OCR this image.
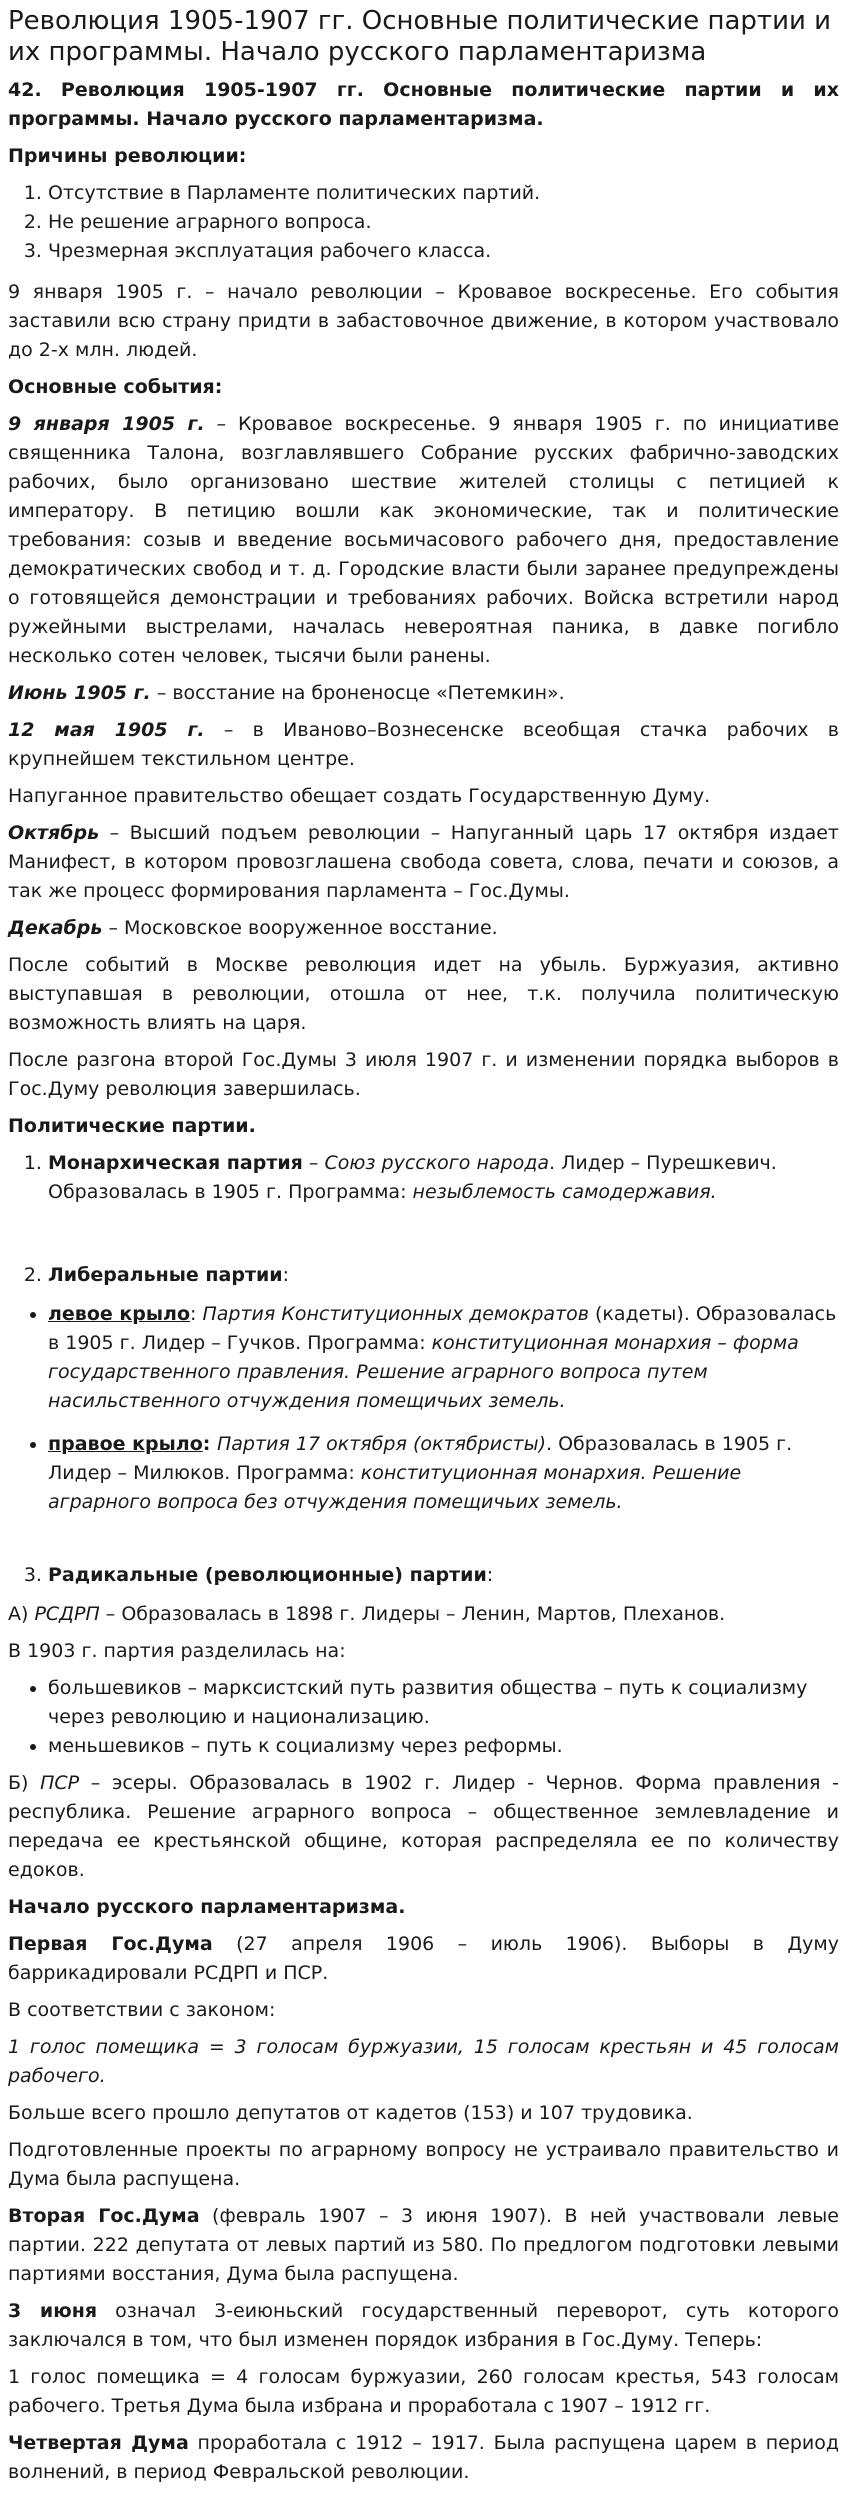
Революция 1905-1907 гг. Основные политические партии и их программы. Начало русского парламентаризма

42. Революция 1905-1907 гг. Основные политические партии и их программы. Начало русского парламентаризма.

Причины революции:

1. Отсутствие в Парламенте политических партий.
2. Не решение аграрного вопроса.
3. Чрезмерная эксплуатация рабочего класса.

9 января 1905 г. – начало революции – Кровавое воскресенье. Его события заставили всю страну придти в забастовочное движение, в котором участвовало до 2-х млн. людей.

Основные события:

9 января 1905 г. – Кровавое воскресенье. 9 января 1905 г. по инициативе священника Талона, возглавлявшего Собрание русских фабрично-заводских рабочих, было организовано шествие жителей столицы с петицией к императору. В петицию вошли как экономические, так и политические требования: созыв и введение восьмичасового рабочего дня, предоставление демократических свобод и т. д. Городские власти были заранее предупреждены о готовящейся демонстрации и требованиях рабочих. Войска встретили народ ружейными выстрелами, началась невероятная паника, в давке погибло несколько сотен человек, тысячи были ранены.

Июнь 1905 г. – восстание на броненосце «Петемкин».

12 мая 1905 г. – в Иваново–Вознесенске всеобщая стачка рабочих в крупнейшем текстильном центре.

Напуганное правительство обещает создать Государственную Думу.

Октябрь – Высший подъем революции – Напуганный царь 17 октября издает Манифест, в котором провозглашена свобода совета, слова, печати и союзов, а так же процесс формирования парламента – Гос.Думы.

Декабрь – Московское вооруженное восстание.

После событий в Москве революция идет на убыль. Буржуазия, активно выступавшая в революции, отошла от нее, т.к. получила политическую возможность влиять на царя.

После разгона второй Гос.Думы 3 июля 1907 г. и изменении порядка выборов в Гос.Думу революция завершилась.

Политические партии.

1. Монархическая партия – Союз русского народа. Лидер – Пурешкевич. Образовалась в 1905 г. Программа: незыблемость самодержавия.
2. Либеральные партии:
• левое крыло: Партия Конституционных демократов (кадеты). Образовалась в 1905 г. Лидер – Гучков. Программа: конституционная монархия – форма государственного правления. Решение аграрного вопроса путем насильственного отчуждения помещичьих земель.
• правое крыло: Партия 17 октября (октябристы). Образовалась в 1905 г. Лидер – Милюков. Программа: конституционная монархия. Решение аграрного вопроса без отчуждения помещичьих земель.
3. Радикальные (революционные) партии:

А) РСДРП – Образовалась в 1898 г. Лидеры – Ленин, Мартов, Плеханов.

В 1903 г. партия разделилась на:

• большевиков – марксистский путь развития общества – путь к социализму через революцию и национализацию.
• меньшевиков – путь к социализму через реформы.

Б) ПСР – эсеры. Образовалась в 1902 г. Лидер - Чернов. Форма правления - республика. Решение аграрного вопроса – общественное землевладение и передача ее крестьянской общине, которая распределяла ее по количеству едоков.

Начало русского парламентаризма.

Первая Гос.Дума (27 апреля 1906 – июль 1906). Выборы в Думу баррикадировали РСДРП и ПСР.

В соответствии с законом:

1 голос помещика = 3 голосам буржуазии, 15 голосам крестьян и 45 голосам рабочего.

Больше всего прошло депутатов от кадетов (153) и 107 трудовика.

Подготовленные проекты по аграрному вопросу не устраивало правительство и Дума была распущена.

Вторая Гос.Дума (февраль 1907 – 3 июня 1907). В ней участвовали левые партии. 222 депутата от левых партий из 580. По предлогом подготовки левыми партиями восстания, Дума была распущена.

3 июня означал 3-еиюньский государственный переворот, суть которого заключался в том, что был изменен порядок избрания в Гос.Думу. Теперь:

1 голос помещика = 4 голосам буржуазии, 260 голосам крестья, 543 голосам рабочего. Третья Дума была избрана и проработала с 1907 – 1912 гг.

Четвертая Дума проработала с 1912 – 1917. Была распущена царем в период волнений, в период Февральской революции.
